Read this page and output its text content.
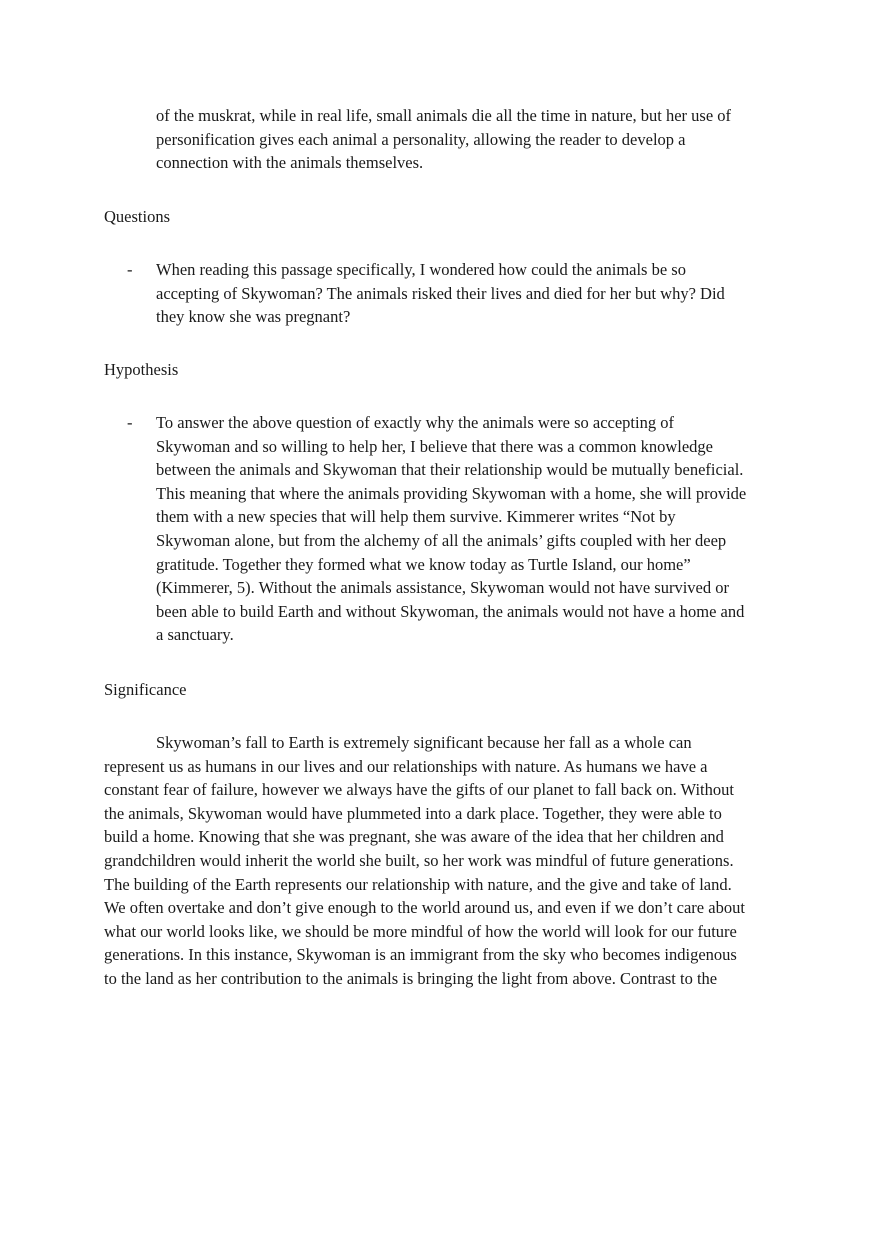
of the muskrat, while in real life, small animals die all the time in nature, but her use of
personification gives each animal a personality, allowing the reader to develop a
connection with the animals themselves.
Questions
- When reading this passage specifically, I wondered how could the animals be so
accepting of Skywoman? The animals risked their lives and died for her but why? Did
they know she was pregnant?
Hypothesis
- To answer the above question of exactly why the animals were so accepting of
Skywoman and so willing to help her, I believe that there was a common knowledge
between the animals and Skywoman that their relationship would be mutually beneficial.
This meaning that where the animals providing Skywoman with a home, she will provide
them with a new species that will help them survive. Kimmerer writes “Not by
Skywoman alone, but from the alchemy of all the animals’ gifts coupled with her deep
gratitude. Together they formed what we know today as Turtle Island, our home”
(Kimmerer, 5). Without the animals assistance, Skywoman would not have survived or
been able to build Earth and without Skywoman, the animals would not have a home and
a sanctuary.
Significance
Skywoman’s fall to Earth is extremely significant because her fall as a whole can
represent us as humans in our lives and our relationships with nature. As humans we have a
constant fear of failure, however we always have the gifts of our planet to fall back on. Without
the animals, Skywoman would have plummeted into a dark place. Together, they were able to
build a home. Knowing that she was pregnant, she was aware of the idea that her children and
grandchildren would inherit the world she built, so her work was mindful of future generations.
The building of the Earth represents our relationship with nature, and the give and take of land.
We often overtake and don’t give enough to the world around us, and even if we don’t care about
what our world looks like, we should be more mindful of how the world will look for our future
generations. In this instance, Skywoman is an immigrant from the sky who becomes indigenous
to the land as her contribution to the animals is bringing the light from above. Contrast to the
